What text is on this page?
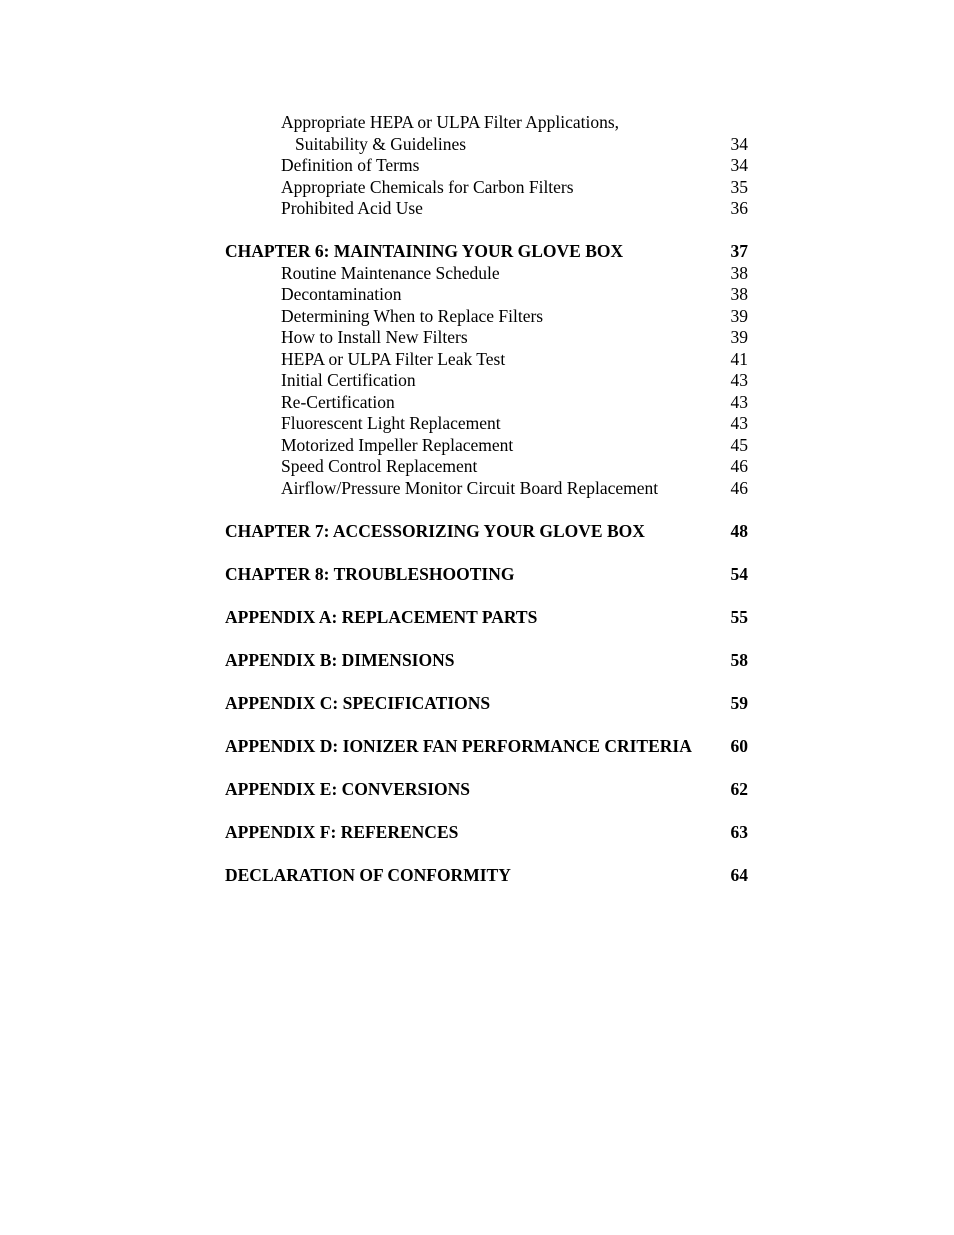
Appropriate HEPA or ULPA Filter Applications,
Suitability & Guidelines	34
Definition of Terms	34
Appropriate Chemicals for Carbon Filters	35
Prohibited Acid Use	36
CHAPTER 6: MAINTAINING YOUR GLOVE BOX	37
Routine Maintenance Schedule	38
Decontamination	38
Determining When to Replace Filters	39
How to Install New Filters	39
HEPA or ULPA Filter Leak Test	41
Initial Certification	43
Re-Certification	43
Fluorescent Light Replacement	43
Motorized Impeller Replacement	45
Speed Control Replacement	46
Airflow/Pressure Monitor Circuit Board Replacement	46
CHAPTER 7: ACCESSORIZING YOUR GLOVE BOX	48
CHAPTER 8: TROUBLESHOOTING	54
APPENDIX A: REPLACEMENT PARTS	55
APPENDIX B: DIMENSIONS	58
APPENDIX C: SPECIFICATIONS	59
APPENDIX D: IONIZER FAN PERFORMANCE CRITERIA 60
APPENDIX E: CONVERSIONS	62
APPENDIX F: REFERENCES	63
DECLARATION OF CONFORMITY	64
